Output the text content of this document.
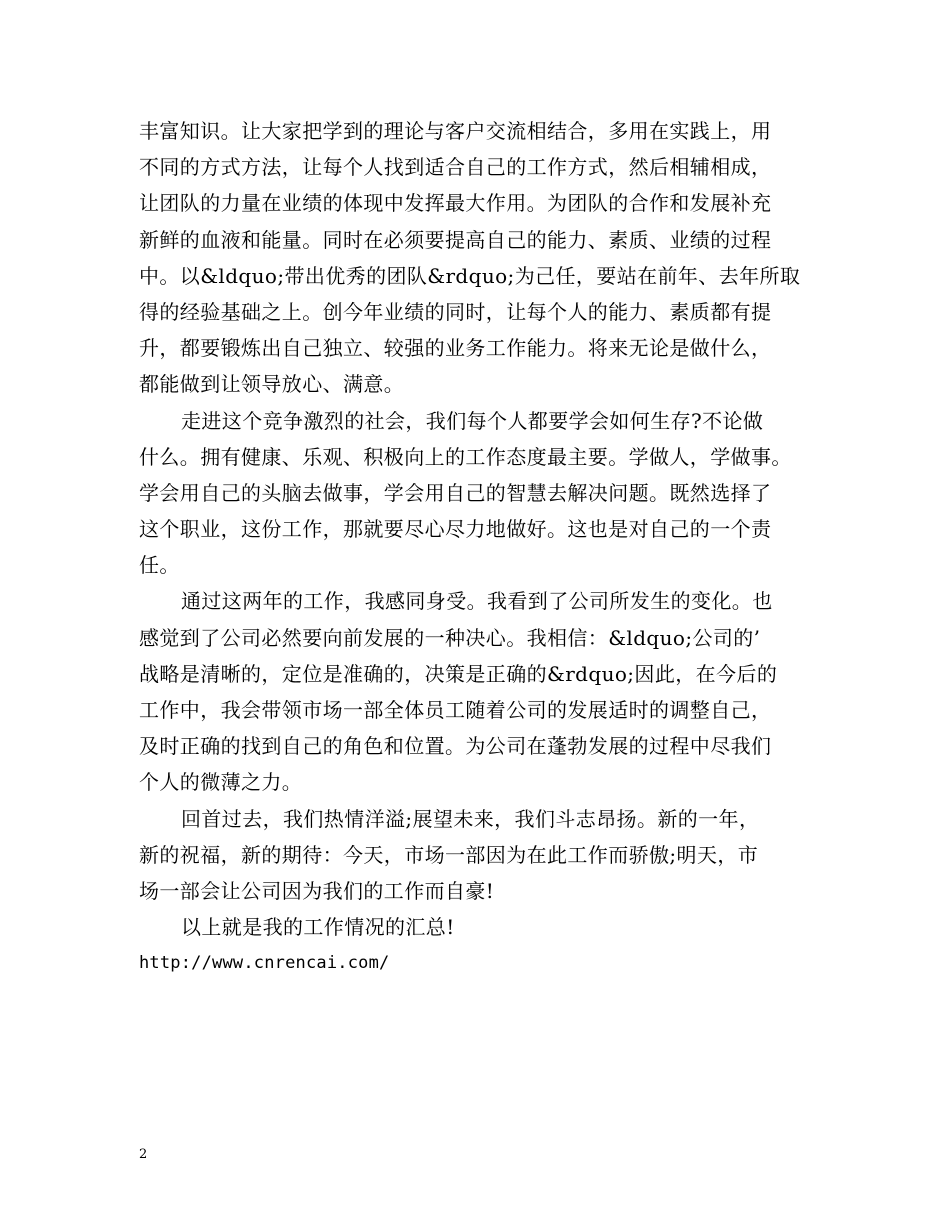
丰富知识。让大家把学到的理论与客户交流相结合，多用在实践上，用
不同的方式方法，让每个人找到适合自己的工作方式，然后相辅相成，
让团队的力量在业绩的体现中发挥最大作用。为团队的合作和发展补充
新鲜的血液和能量。同时在必须要提高自己的能力、素质、业绩的过程
中。以&ldquo;带出优秀的团队&rdquo;为己任，要站在前年、去年所取
得的经验基础之上。创今年业绩的同时，让每个人的能力、素质都有提
升，都要锻炼出自己独立、较强的业务工作能力。将来无论是做什么，
都能做到让领导放心、满意。
走进这个竞争激烈的社会，我们每个人都要学会如何生存?不论做
什么。拥有健康、乐观、积极向上的工作态度最主要。学做人，学做事。
学会用自己的头脑去做事，学会用自己的智慧去解决问题。既然选择了
这个职业，这份工作，那就要尽心尽力地做好。这也是对自己的一个责
任。
通过这两年的工作，我感同身受。我看到了公司所发生的变化。也
感觉到了公司必然要向前发展的一种决心。我相信：&ldquo;公司的’
战略是清晰的，定位是准确的，决策是正确的&rdquo;因此，在今后的
工作中，我会带领市场一部全体员工随着公司的发展适时的调整自己，
及时正确的找到自己的角色和位置。为公司在蓬勃发展的过程中尽我们
个人的微薄之力。
回首过去，我们热情洋溢;展望未来，我们斗志昂扬。新的一年，
新的祝福，新的期待：今天，市场一部因为在此工作而骄傲;明天，市
场一部会让公司因为我们的工作而自豪!
以上就是我的工作情况的汇总!
http://www.cnrencai.com/
2
